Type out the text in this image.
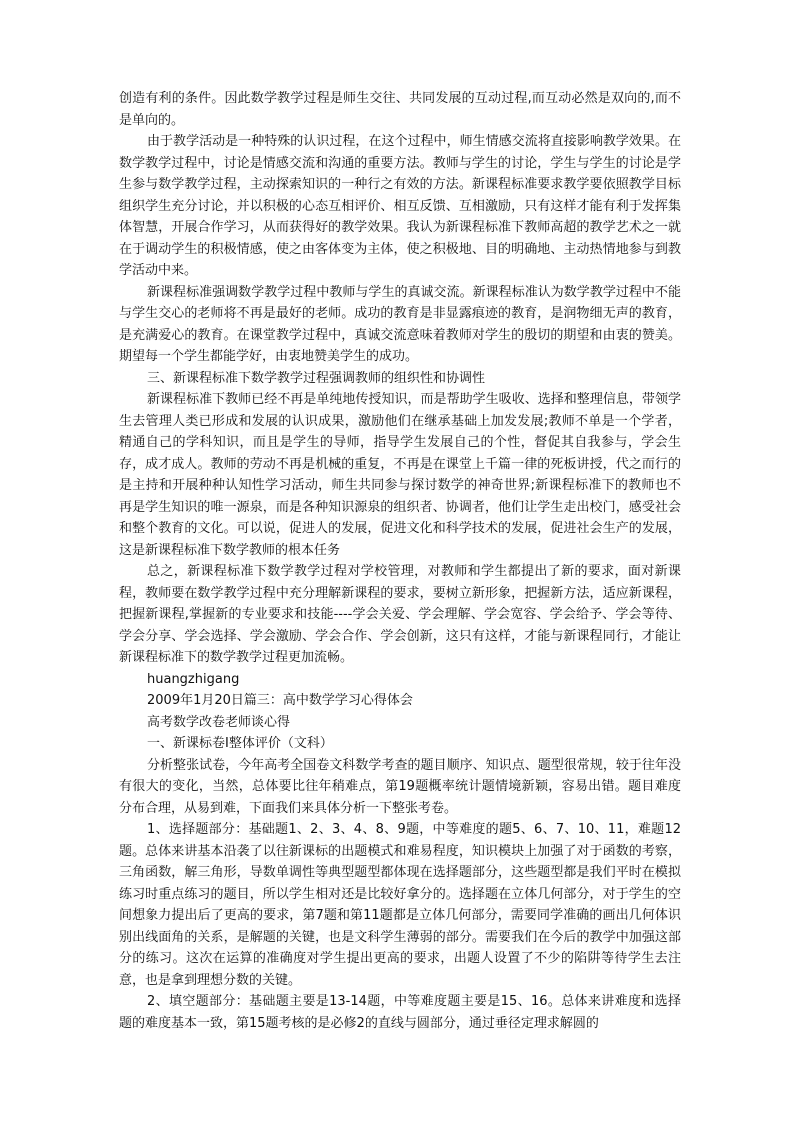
创造有利的条件。因此数学教学过程是师生交往、共同发展的互动过程,而互动必然是双向的,而不是单向的。

由于教学活动是一种特殊的认识过程，在这个过程中，师生情感交流将直接影响教学效果。在数学教学过程中，讨论是情感交流和沟通的重要方法。教师与学生的讨论，学生与学生的讨论是学生参与数学教学过程，主动探索知识的一种行之有效的方法。新课程标准要求教学要依照教学目标组织学生充分讨论，并以积极的心态互相评价、相互反馈、互相激励，只有这样才能有利于发挥集体智慧，开展合作学习，从而获得好的教学效果。我认为新课程标准下教师高超的教学艺术之一就在于调动学生的积极情感，使之由客体变为主体，使之积极地、目的明确地、主动热情地参与到教学活动中来。

新课程标准强调数学教学过程中教师与学生的真诚交流。新课程标准认为数学教学过程中不能与学生交心的老师将不再是最好的老师。成功的教育是非显露痕迹的教育，是润物细无声的教育，是充满爱心的教育。在课堂教学过程中，真诚交流意味着教师对学生的殷切的期望和由衷的赞美。期望每一个学生都能学好，由衷地赞美学生的成功。

三、新课程标准下数学教学过程强调教师的组织性和协调性

新课程标准下教师已经不再是单纯地传授知识，而是帮助学生吸收、选择和整理信息，带领学生去管理人类已形成和发展的认识成果，激励他们在继承基础上加发发展;教师不单是一个学者，精通自己的学科知识，而且是学生的导师，指导学生发展自己的个性，督促其自我参与，学会生存，成才成人。教师的劳动不再是机械的重复，不再是在课堂上千篇一律的死板讲授，代之而行的是主持和开展种种认知性学习活动，师生共同参与探讨数学的神奇世界;新课程标准下的教师也不再是学生知识的唯一源泉，而是各种知识源泉的组织者、协调者，他们让学生走出校门，感受社会和整个教育的文化。可以说，促进人的发展，促进文化和科学技术的发展，促进社会生产的发展，这是新课程标准下数学教师的根本任务

总之，新课程标准下数学教学过程对学校管理，对教师和学生都提出了新的要求，面对新课程，教师要在数学教学过程中充分理解新课程的要求，要树立新形象，把握新方法，适应新课程，把握新课程,掌握新的专业要求和技能----学会关爱、学会理解、学会宽容、学会给予、学会等待、学会分享、学会选择、学会激励、学会合作、学会创新，这只有这样，才能与新课程同行，才能让新课程标准下的数学教学过程更加流畅。

huangzhigang

2009年1月20日篇三：高中数学学习心得体会

高考数学改卷老师谈心得

一、新课标卷Ⅰ整体评价（文科）

分析整张试卷，今年高考全国卷文科数学考查的题目顺序、知识点、题型很常规，较于往年没有很大的变化，当然，总体要比往年稍难点，第19题概率统计题情境新颖，容易出错。题目难度分布合理，从易到难，下面我们来具体分析一下整张考卷。

1、选择题部分：基础题1、2、3、4、8、9题，中等难度的题5、6、7、10、11，难题12题。总体来讲基本沿袭了以往新课标的出题模式和难易程度，知识模块上加强了对于函数的考察，三角函数，解三角形，导数单调性等典型题型都体现在选择题部分，这些题型都是我们平时在模拟练习时重点练习的题目，所以学生相对还是比较好拿分的。选择题在立体几何部分，对于学生的空间想象力提出后了更高的要求，第7题和第11题都是立体几何部分，需要同学准确的画出几何体识别出线面角的关系，是解题的关键，也是文科学生薄弱的部分。需要我们在今后的教学中加强这部分的练习。这次在运算的准确度对学生提出更高的要求，出题人设置了不少的陷阱等待学生去注意，也是拿到理想分数的关键。

2、填空题部分：基础题主要是13-14题，中等难度题主要是15、16。总体来讲难度和选择题的难度基本一致，第15题考核的是必修2的直线与圆部分，通过垂径定理求解圆的
